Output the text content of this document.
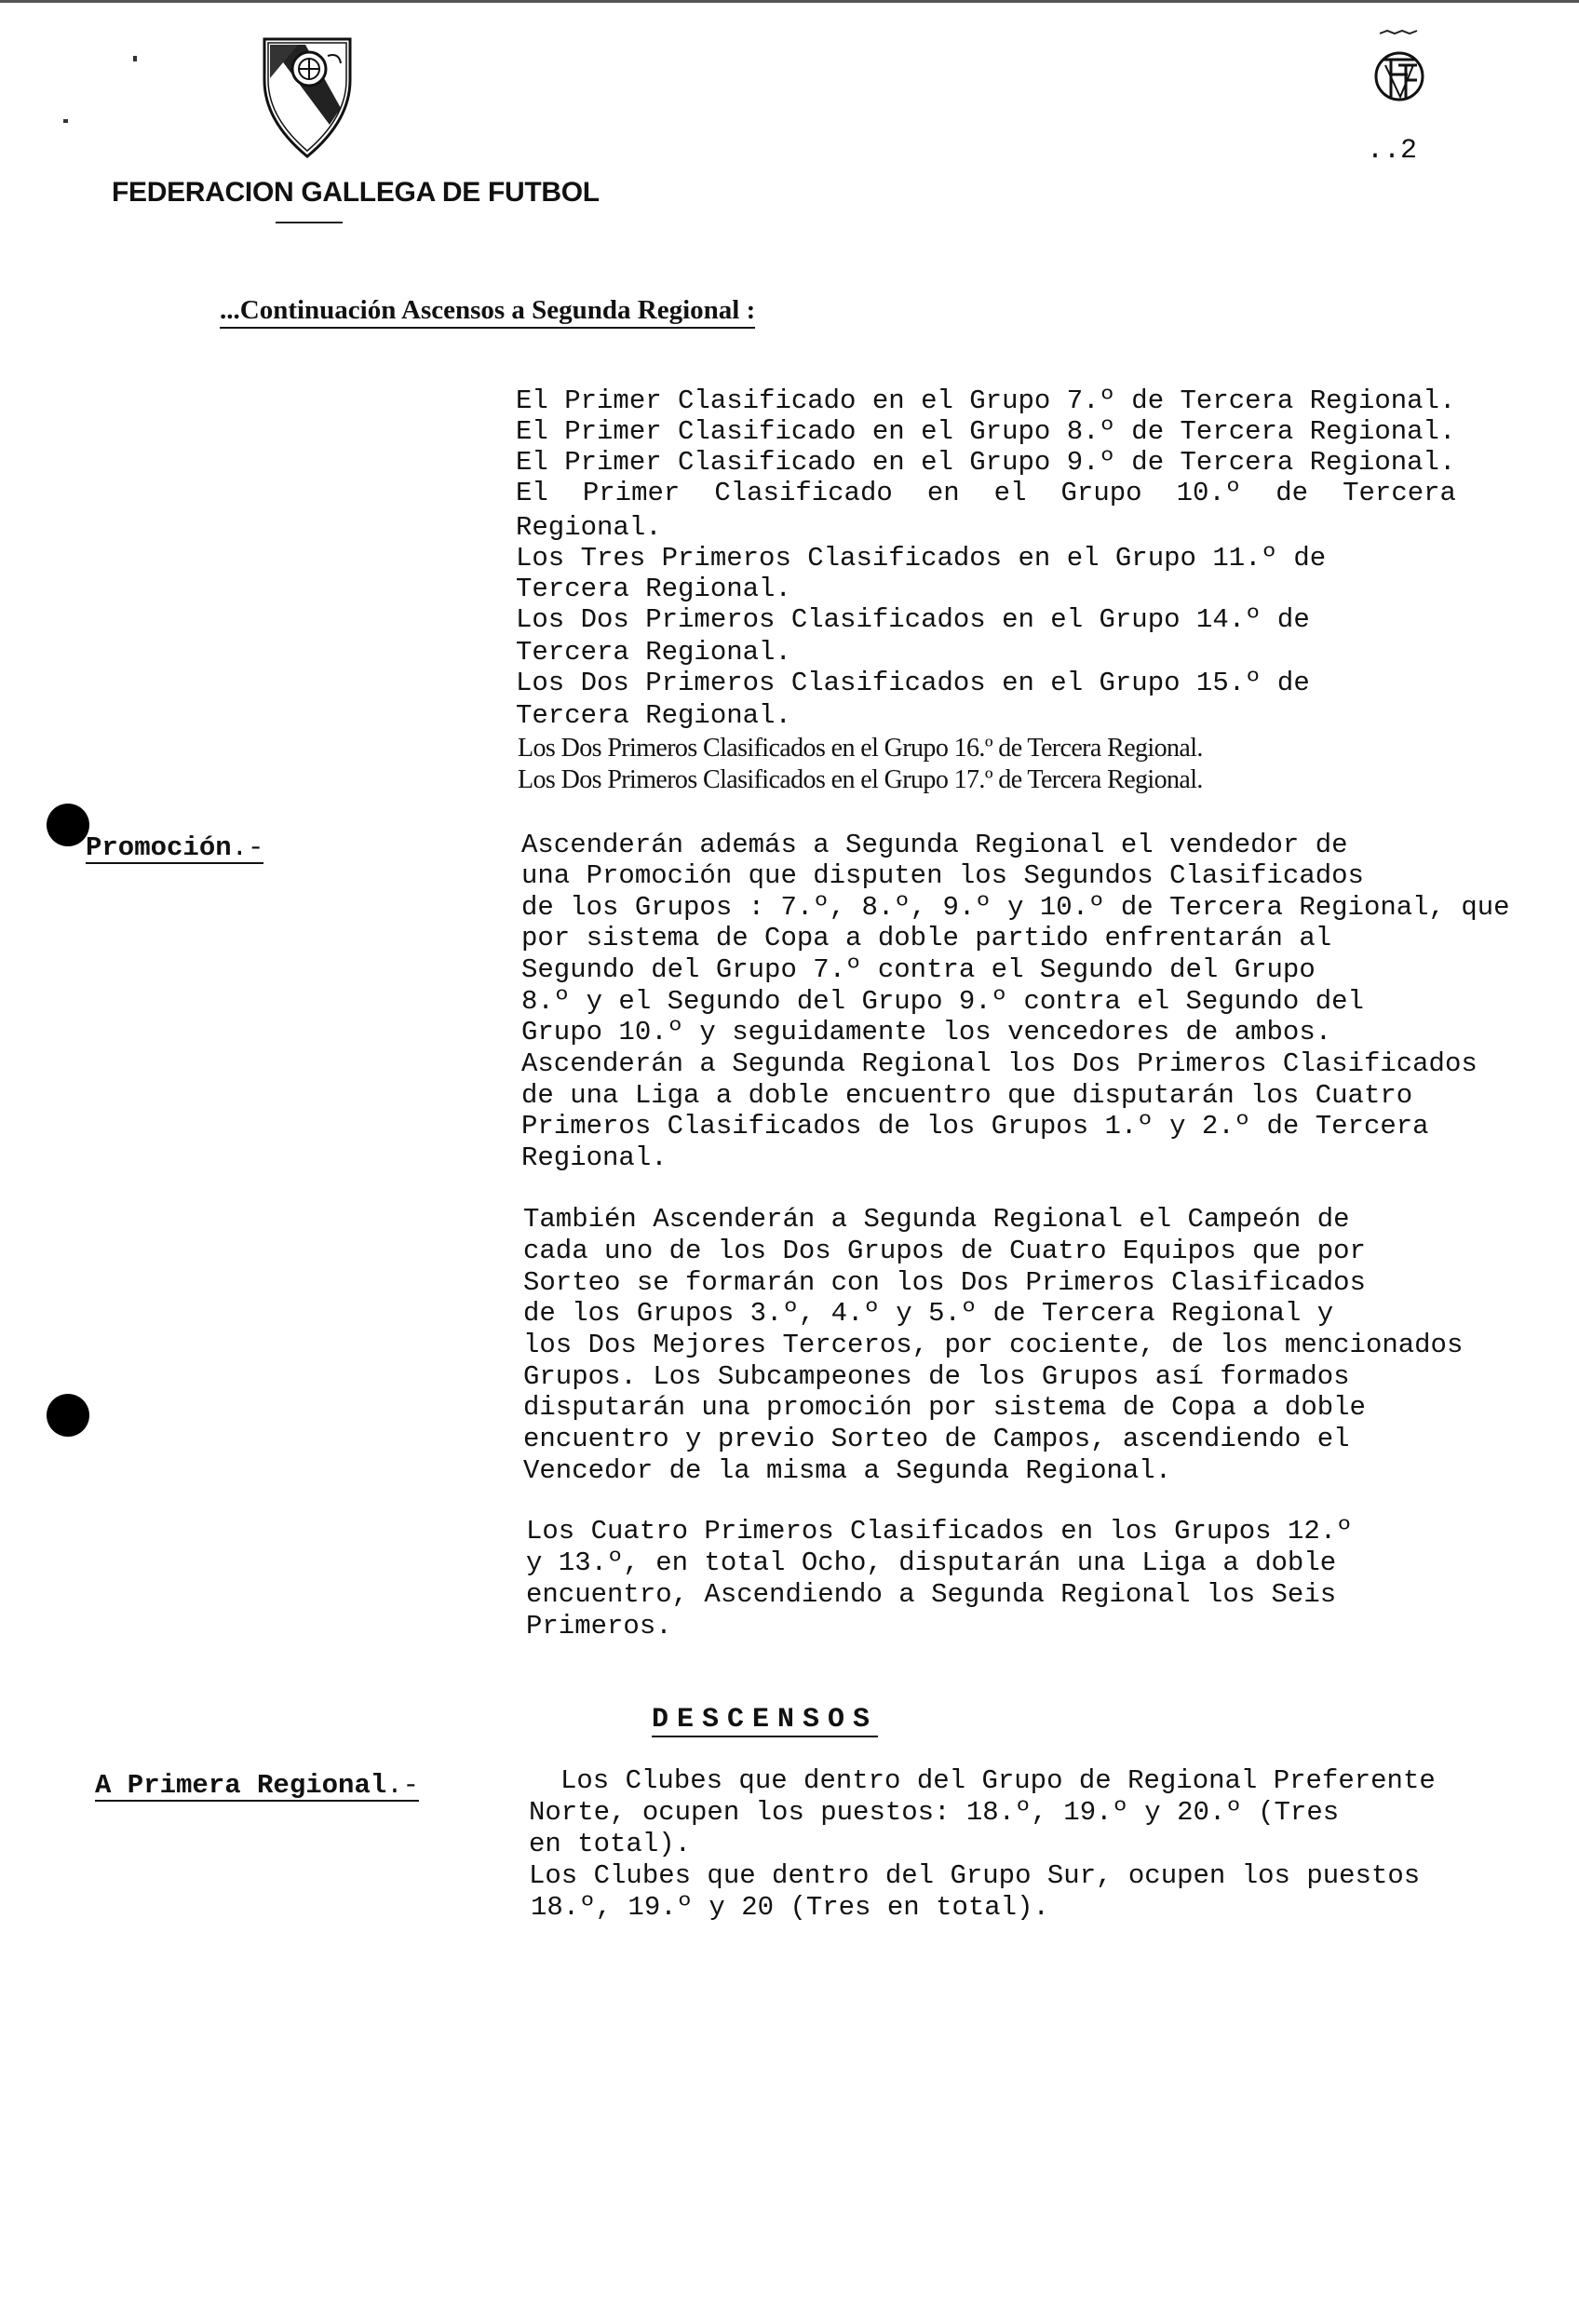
FEDERACION GALLEGA DE FUTBOL
..2
...Continuación Ascensos a Segunda Regional :
El Primer Clasificado en el Grupo 7.º de Tercera Regional.
El Primer Clasificado en el Grupo 8.º de Tercera Regional.
El Primer Clasificado en el Grupo 9.º de Tercera Regional.
El Primer Clasificado en el Grupo 10.º de Tercera
Regional.
Los Tres Primeros Clasificados en el Grupo 11.º de
Tercera Regional.
Los Dos Primeros Clasificados en el Grupo 14.º de
Tercera Regional.
Los Dos Primeros Clasificados en el Grupo 15.º de
Tercera Regional.
Los Dos Primeros Clasificados en el Grupo 16.º de Tercera Regional.
Los Dos Primeros Clasificados en el Grupo 17.º de Tercera Regional.
Promoción.-	Ascenderán además a Segunda Regional el vendedor de
una Promoción que disputen los Segundos Clasificados
de los Grupos : 7.º, 8.º, 9.º y 10.º de Tercera Regional, que
por sistema de Copa a doble partido enfrentarán al
Segundo del Grupo 7.º contra el Segundo del Grupo
8.º y el Segundo del Grupo 9.º contra el Segundo del
Grupo 10.º y seguidamente los vencedores de ambos.
Ascenderán a Segunda Regional los Dos Primeros Clasificados
de una Liga a doble encuentro que disputarán los Cuatro
Primeros Clasificados de los Grupos 1.º y 2.º de Tercera
Regional.
También Ascenderán a Segunda Regional el Campeón de
cada uno de los Dos Grupos de Cuatro Equipos que por
Sorteo se formarán con los Dos Primeros Clasificados
de los Grupos 3.º, 4.º y 5.º de Tercera Regional y
los Dos Mejores Terceros, por cociente, de los mencionados
Grupos. Los Subcampeones de los Grupos así formados
disputarán una promoción por sistema de Copa a doble
encuentro y previo Sorteo de Campos, ascendiendo el
Vencedor de la misma a Segunda Regional.
Los Cuatro Primeros Clasificados en los Grupos 12.º
y 13.º, en total Ocho, disputarán una Liga a doble
encuentro, Ascendiendo a Segunda Regional los Seis
Primeros.
DESCENSOS
A Primera Regional.-	Los Clubes que dentro del Grupo de Regional Preferente
Norte, ocupen los puestos: 18.º, 19.º y 20.º (Tres
en total).
Los Clubes que dentro del Grupo Sur, ocupen los puestos
18.º, 19.º y 20 (Tres en total).
